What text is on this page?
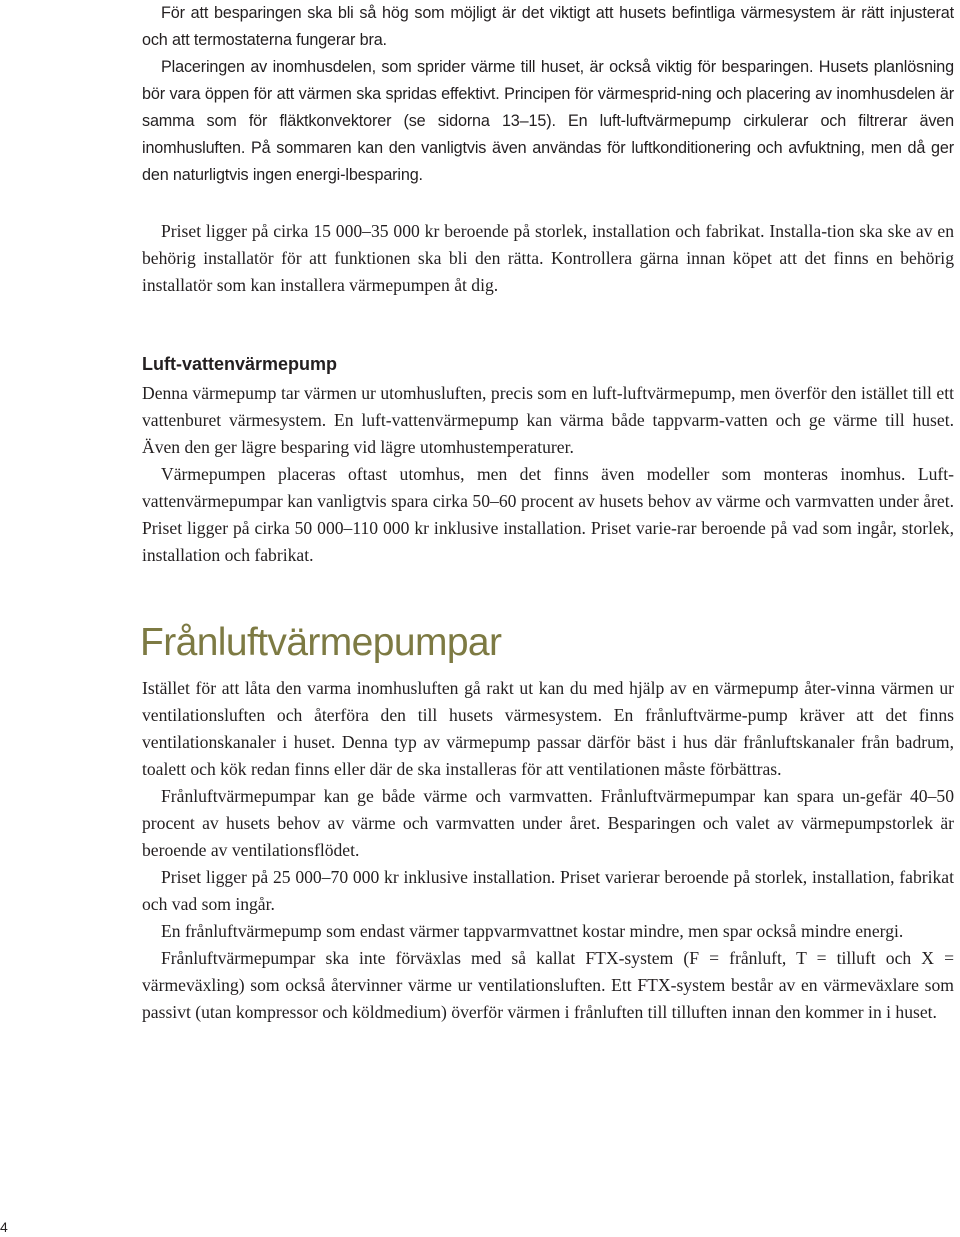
För att besparingen ska bli så hög som möjligt är det viktigt att husets befintliga värmesystem är rätt injusterat och att termostaterna fungerar bra.

Placeringen av inomhusdelen, som sprider värme till huset, är också viktig för besparingen. Husets planlösning bör vara öppen för att värmen ska spridas effektivt. Principen för värmesprid-ning och placering av inomhusdelen är samma som för fläktkonvektorer (se sidorna 13–15). En luft-luftvärmepump cirkulerar och filtrerar även inomhusluften. På sommaren kan den vanligtvis även användas för luftkonditionering och avfuktning, men då ger den naturligtvis ingen energi-lbesparing.

Priset ligger på cirka 15 000–35 000 kr beroende på storlek, installation och fabrikat. Installa-tion ska ske av en behörig installatör för att funktionen ska bli den rätta. Kontrollera gärna innan köpet att det finns en behörig installatör som kan installera värmepumpen åt dig.

Luft-vattenvärmepump

Denna värmepump tar värmen ur utomhusluften, precis som en luft-luftvärmepump, men överför den istället till ett vattenburet värmesystem. En luft-vattenvärmepump kan värma både tappvarm-vatten och ge värme till huset. Även den ger lägre besparing vid lägre utomhustemperaturer.

Värmepumpen placeras oftast utomhus, men det finns även modeller som monteras inomhus. Luft-vattenvärmepumpar kan vanligtvis spara cirka 50–60 procent av husets behov av värme och varmvatten under året. Priset ligger på cirka 50 000–110 000 kr inklusive installation. Priset varie-rar beroende på vad som ingår, storlek, installation och fabrikat.

Frånluftvärmepumpar

Istället för att låta den varma inomhusluften gå rakt ut kan du med hjälp av en värmepump åter-vinna värmen ur ventilationsluften och återföra den till husets värmesystem. En frånluftvärme-pump kräver att det finns ventilationskanaler i huset. Denna typ av värmepump passar därför bäst i hus där frånluftskanaler från badrum, toalett och kök redan finns eller där de ska installeras för att ventilationen måste förbättras.

Frånluftvärmepumpar kan ge både värme och varmvatten. Frånluftvärmepumpar kan spara un-gefär 40–50 procent av husets behov av värme och varmvatten under året. Besparingen och valet av värmepumpstorlek är beroende av ventilationsflödet.

Priset ligger på 25 000–70 000 kr inklusive installation. Priset varierar beroende på storlek, installation, fabrikat och vad som ingår.

En frånluftvärmepump som endast värmer tappvarmvattnet kostar mindre, men spar också mindre energi.

Frånluftvärmepumpar ska inte förväxlas med så kallat FTX-system (F = frånluft, T = tilluft och X = värmeväxling) som också återvinner värme ur ventilationsluften. Ett FTX-system består av en värmeväxlare som passivt (utan kompressor och köldmedium) överför värmen i frånluften till tilluften innan den kommer in i huset.

4
